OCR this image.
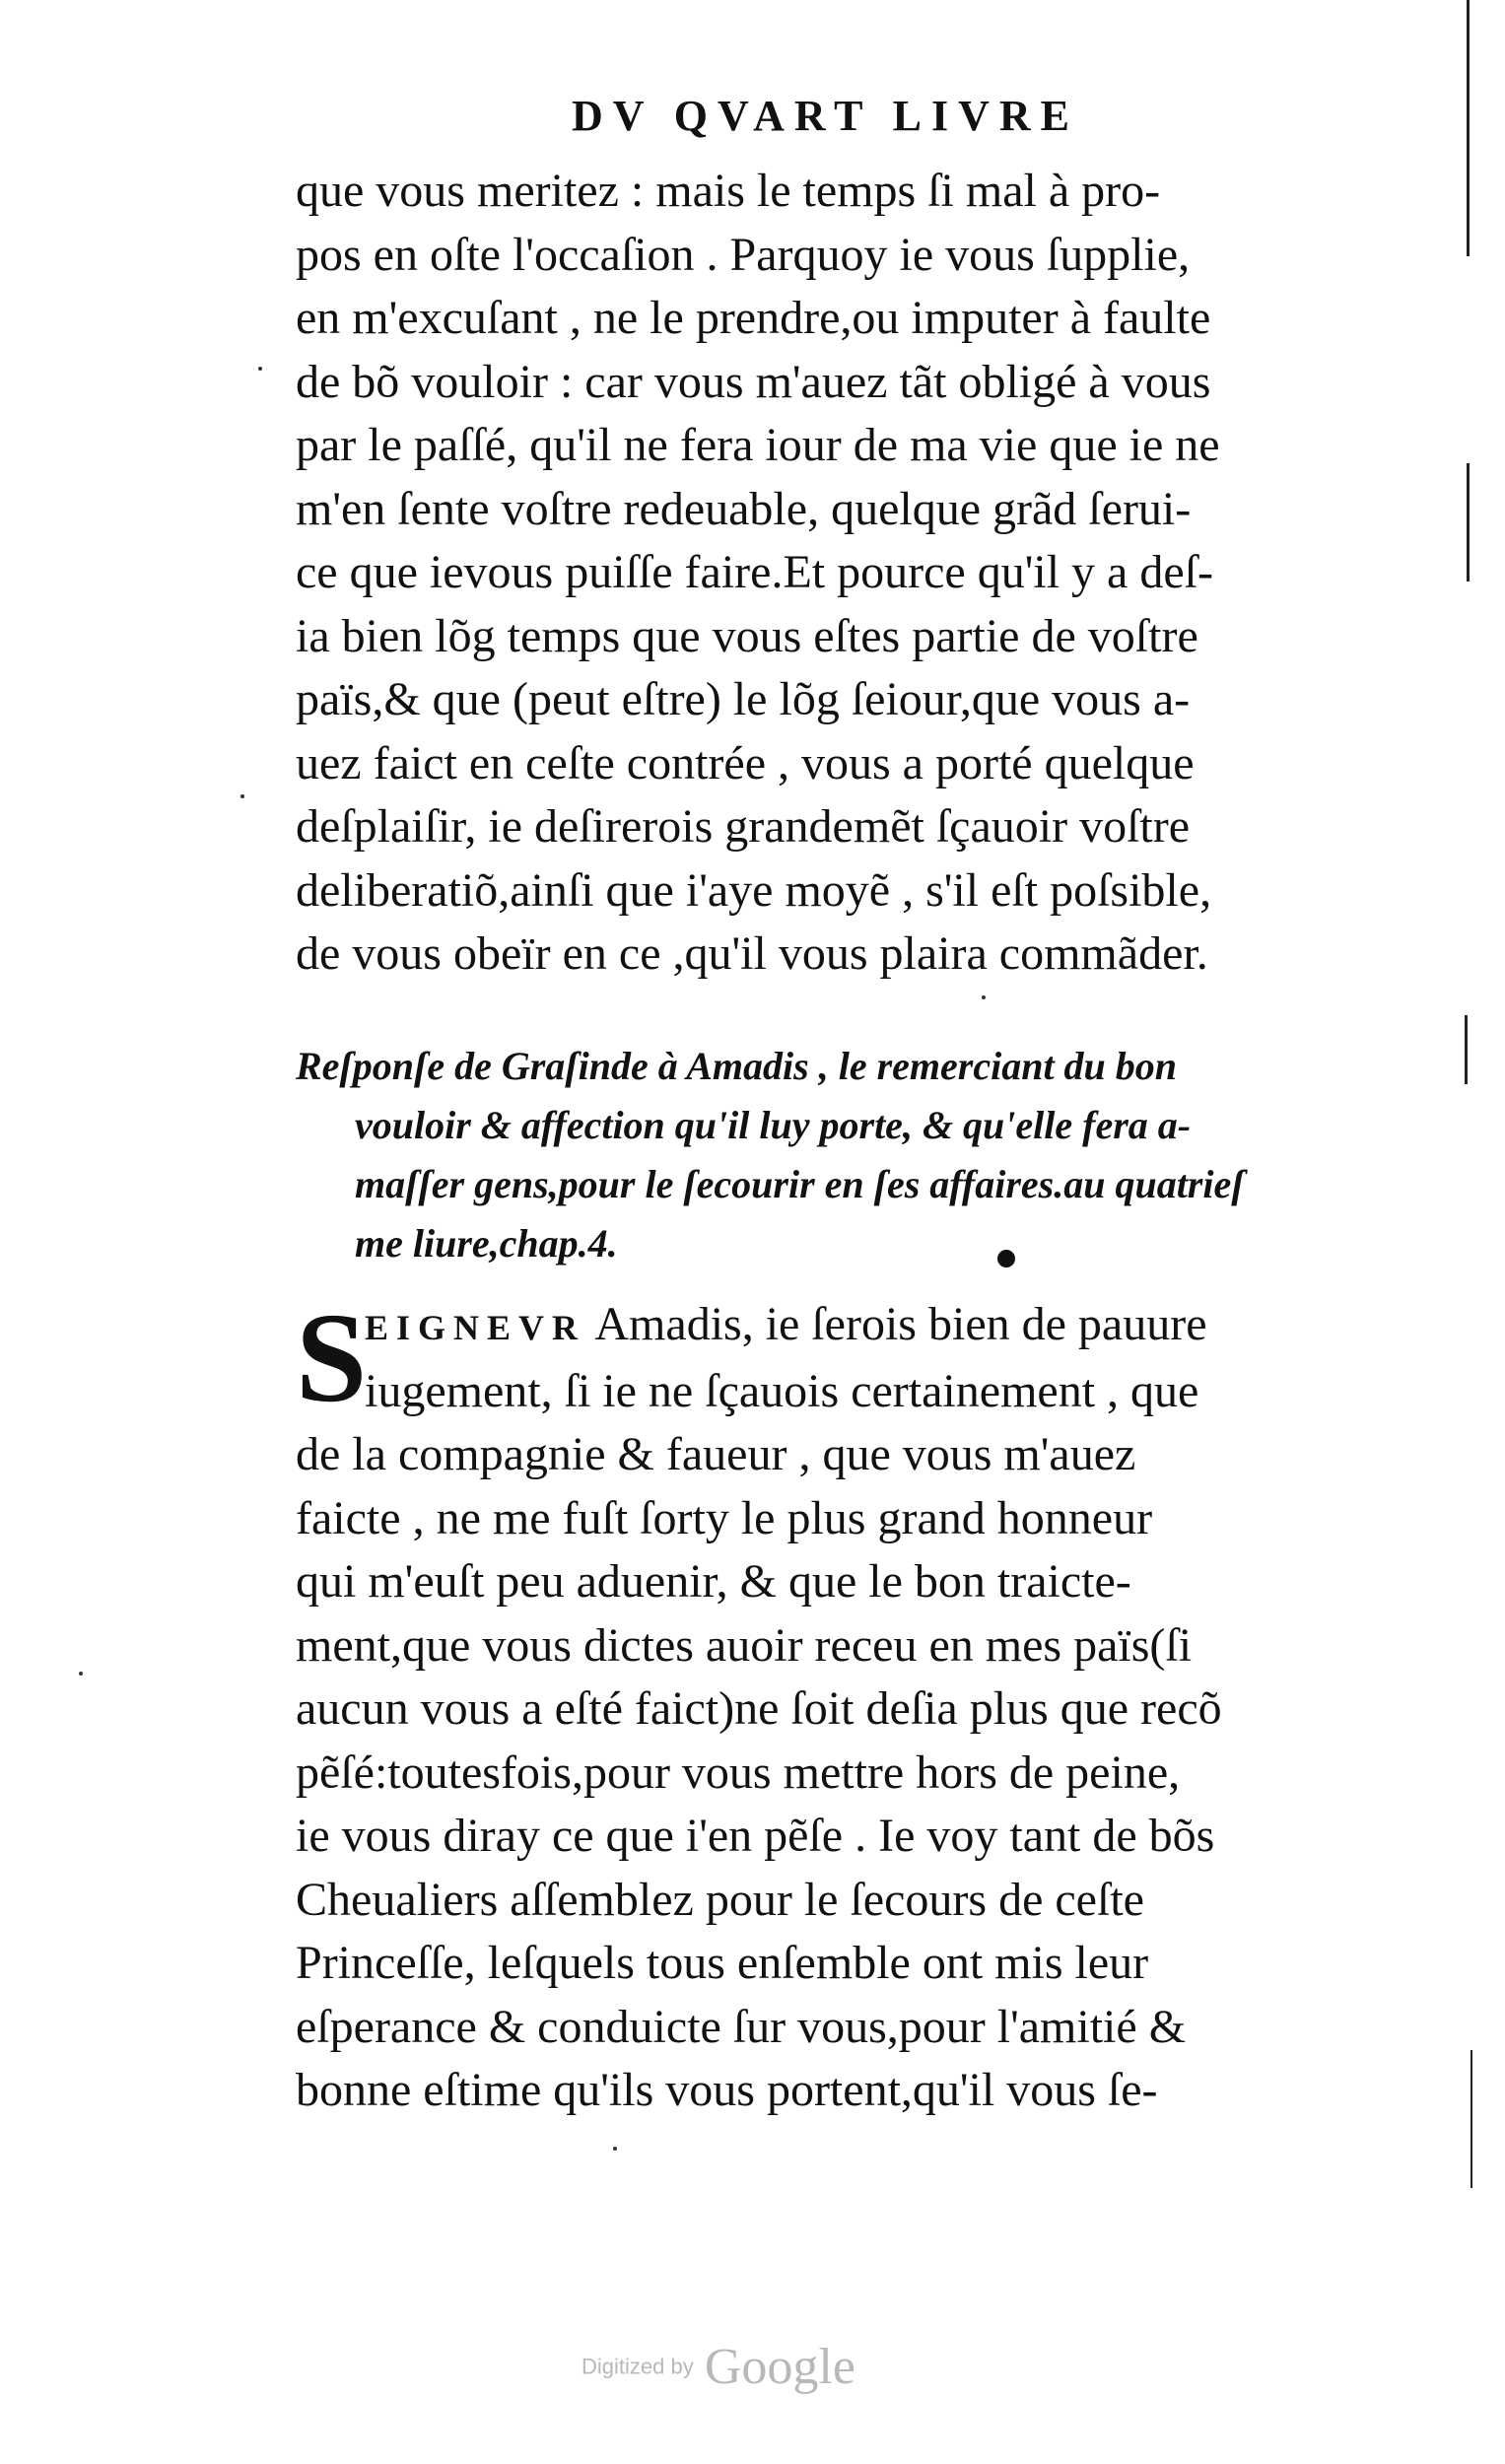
DV QVART LIVRE
que vous meritez : mais le temps ſi mal à pro-
pos en oſte l'occaſion . Parquoy ie vous ſupplie,
en m'excuſant , ne le prendre,ou imputer à faulte
de bõ vouloir : car vous m'auez tãt obligé à vous
par le paſſé, qu'il ne fera iour de ma vie que ie ne
m'en ſente voſtre redeuable, quelque grãd ſerui-
ce que ievous puiſſe faire.Et pource qu'il y a deſ-
ia bien lõg temps que vous eſtes partie de voſtre
païs,& que (peut eſtre) le lõg ſeiour,que vous a-
uez faict en ceſte contrée , vous a porté quelque
deſplaiſir, ie deſirerois grandemẽt ſçauoir voſtre
deliberatiõ,ainſi que i'aye moyẽ , s'il eſt poſsible,
de vous obeïr en ce ,qu'il vous plaira commãder.
Reſponſe de Graſinde à Amadis , le remerciant du bon
vouloir & affection qu'il luy porte, & qu'elle fera a-
maſſer gens,pour le ſecourir en ſes affaires.au quatrieſ
me liure,chap.4.
S
EIGNEVR Amadis, ie ſerois bien de pauure
iugement, ſi ie ne ſçauois certainement , que
de la compagnie & faueur , que vous m'auez
faicte , ne me fuſt ſorty le plus grand honneur
qui m'euſt peu aduenir, & que le bon traicte-
ment,que vous dictes auoir receu en mes païs(ſi
aucun vous a eſté faict)ne ſoit deſia plus que recõ
pẽſé:toutesfois,pour vous mettre hors de peine,
ie vous diray ce que i'en pẽſe . Ie voy tant de bõs
Cheualiers aſſemblez pour le ſecours de ceſte
Princeſſe, leſquels tous enſemble ont mis leur
eſperance & conduicte ſur vous,pour l'amitié &
bonne eſtime qu'ils vous portent,qu'il vous ſe-
Digitized by Google
